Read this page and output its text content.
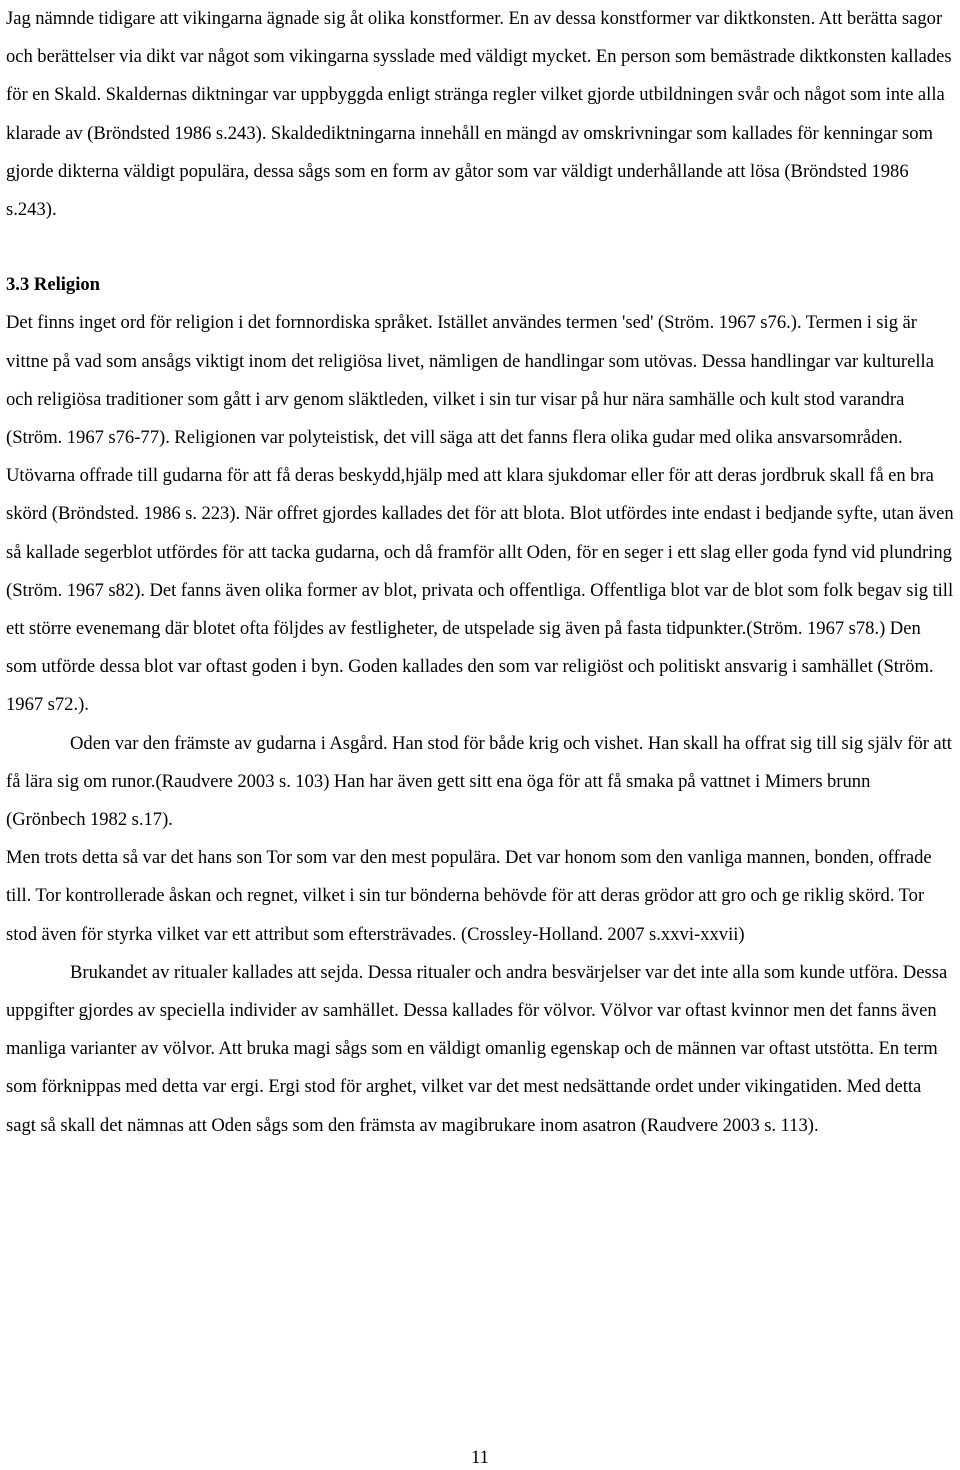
Jag nämnde tidigare att vikingarna ägnade sig åt olika konstformer. En av dessa konstformer var diktkonsten. Att berätta sagor och berättelser via dikt var något som vikingarna sysslade med väldigt mycket. En person som bemästrade diktkonsten kallades för en Skald. Skaldernas diktningar var uppbyggda enligt stränga regler vilket gjorde utbildningen svår och något som inte alla klarade av (Bröndsted 1986 s.243). Skaldediktningarna innehåll en mängd av omskrivningar som kallades för kenningar som gjorde dikterna väldigt populära, dessa sågs som en form av gåtor som var väldigt underhållande att lösa (Bröndsted 1986 s.243).

3.3 Religion

Det finns inget ord för religion i det fornnordiska språket. Istället användes termen 'sed' (Ström. 1967 s76.). Termen i sig är vittne på vad som ansågs viktigt inom det religiösa livet, nämligen de handlingar som utövas. Dessa handlingar var kulturella och religiösa traditioner som gått i arv genom släktleden, vilket i sin tur visar på hur nära samhälle och kult stod varandra (Ström. 1967 s76-77). Religionen var polyteistisk, det vill säga att det fanns flera olika gudar med olika ansvarsområden. Utövarna offrade till gudarna för att få deras beskydd,hjälp med att klara sjukdomar eller för att deras jordbruk skall få en bra skörd (Bröndsted. 1986 s. 223). När offret gjordes kallades det för att blota. Blot utfördes inte endast i bedjande syfte, utan även så kallade segerblot utfördes för att tacka gudarna, och då framför allt Oden, för en seger i ett slag eller goda fynd vid plundring (Ström. 1967 s82). Det fanns även olika former av blot, privata och offentliga. Offentliga blot var de blot som folk begav sig till ett större evenemang där blotet ofta följdes av festligheter, de utspelade sig även på fasta tidpunkter.(Ström. 1967 s78.) Den som utförde dessa blot var oftast goden i byn. Goden kallades den som var religiöst och politiskt ansvarig i samhället (Ström. 1967 s72.).

Oden var den främste av gudarna i Asgård. Han stod för både krig och vishet. Han skall ha offrat sig till sig själv för att få lära sig om runor.(Raudvere 2003 s. 103) Han har även gett sitt ena öga för att få smaka på vattnet i Mimers brunn (Grönbech 1982 s.17).

Men trots detta så var det hans son Tor som var den mest populära. Det var honom som den vanliga mannen, bonden, offrade till. Tor kontrollerade åskan och regnet, vilket i sin tur bönderna behövde för att deras grödor att gro och ge riklig skörd. Tor stod även för styrka vilket var ett attribut som eftersträvades. (Crossley-Holland. 2007 s.xxvi-xxvii)

Brukandet av ritualer kallades att sejda. Dessa ritualer och andra besvärjelser var det inte alla som kunde utföra. Dessa uppgifter gjordes av speciella individer av samhället. Dessa kallades för völvor. Völvor var oftast kvinnor men det fanns även manliga varianter av völvor. Att bruka magi sågs som en väldigt omanlig egenskap och de männen var oftast utstötta. En term som förknippas med detta var ergi. Ergi stod för arghet, vilket var det mest nedsättande ordet under vikingatiden. Med detta sagt så skall det nämnas att Oden sågs som den främsta av magibrukare inom asatron (Raudvere 2003 s. 113).

11
